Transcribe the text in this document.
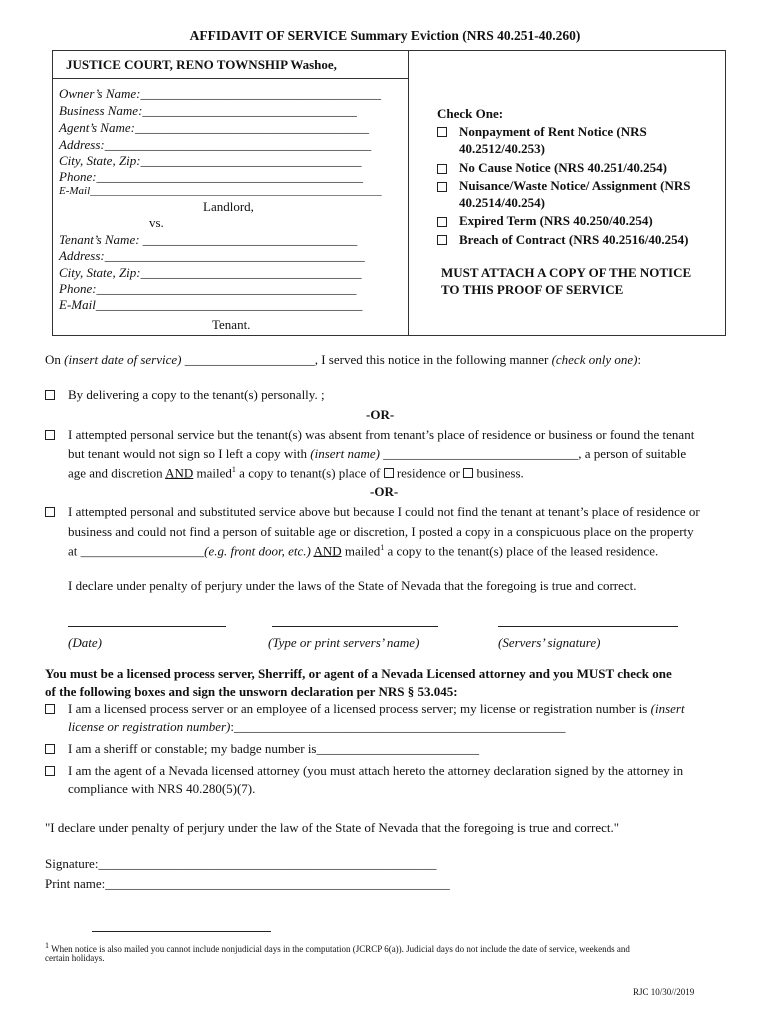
AFFIDAVIT OF SERVICE Summary Eviction (NRS 40.251-40.260)
JUSTICE COURT, RENO TOWNSHIP Washoe,
Owner’s Name:_____________________________________
Business Name:_________________________________
Agent’s Name:____________________________________
Address:_________________________________________
City, State, Zip:__________________________________
Phone:_________________________________________
E-Mail_____________________________________________________
Landlord,
vs.
Tenant’s Name: _________________________________
Address:________________________________________
City, State, Zip:__________________________________
Phone:________________________________________
E-Mail_________________________________________
Tenant.
Check One:
Nonpayment of Rent Notice (NRS
40.2512/40.253)
No Cause Notice (NRS 40.251/40.254)
Nuisance/Waste Notice/ Assignment (NRS
40.2514/40.254)
Expired Term (NRS 40.250/40.254)
Breach of Contract (NRS 40.2516/40.254)
MUST ATTACH A COPY OF THE NOTICE
TO THIS PROOF OF SERVICE
On (insert date of service) ____________________, I served this notice in the following manner (check only one):
By delivering a copy to the tenant(s) personally. ;
-OR-
I attempted personal service but the tenant(s) was absent from tenant’s place of residence or business or found the tenant
but tenant would not sign so I left a copy with (insert name) ______________________________, a person of suitable
age and discretion AND mailed$^1$ a copy to tenant(s) place of  residence or  business.
-OR-
I attempted personal and substituted service above but because I could not find the tenant at tenant’s place of residence or
business and could not find a person of suitable age or discretion, I posted a copy in a conspicuous place on the property
at ___________________(e.g. front door, etc.) AND mailed$^1$ a copy to the tenant(s) place of the leased residence.
I declare under penalty of perjury under the laws of the State of Nevada that the foregoing is true and correct.
(Date)	(Type or print servers’ name)	(Servers’ signature)
You must be a licensed process server, Sherriff, or agent of a Nevada Licensed attorney and you MUST check one
of the following boxes and sign the unsworn declaration per NRS § 53.045:
I am a licensed process server or an employee of a licensed process server; my license or registration number is (insert
license or registration number):___________________________________________________
I am a sheriff or constable; my badge number is_________________________
I am the agent of a Nevada licensed attorney (you must attach hereto the attorney declaration signed by the attorney in
compliance with NRS 40.280(5)(7).
"I declare under penalty of perjury under the law of the State of Nevada that the foregoing is true and correct."
Signature:____________________________________________________
Print name:_____________________________________________________
$^1$ When notice is also mailed you cannot include nonjudicial days in the computation (JCRCP 6(a)). Judicial days do not include the date of service, weekends and
certain holidays.
RJC 10/30//2019
